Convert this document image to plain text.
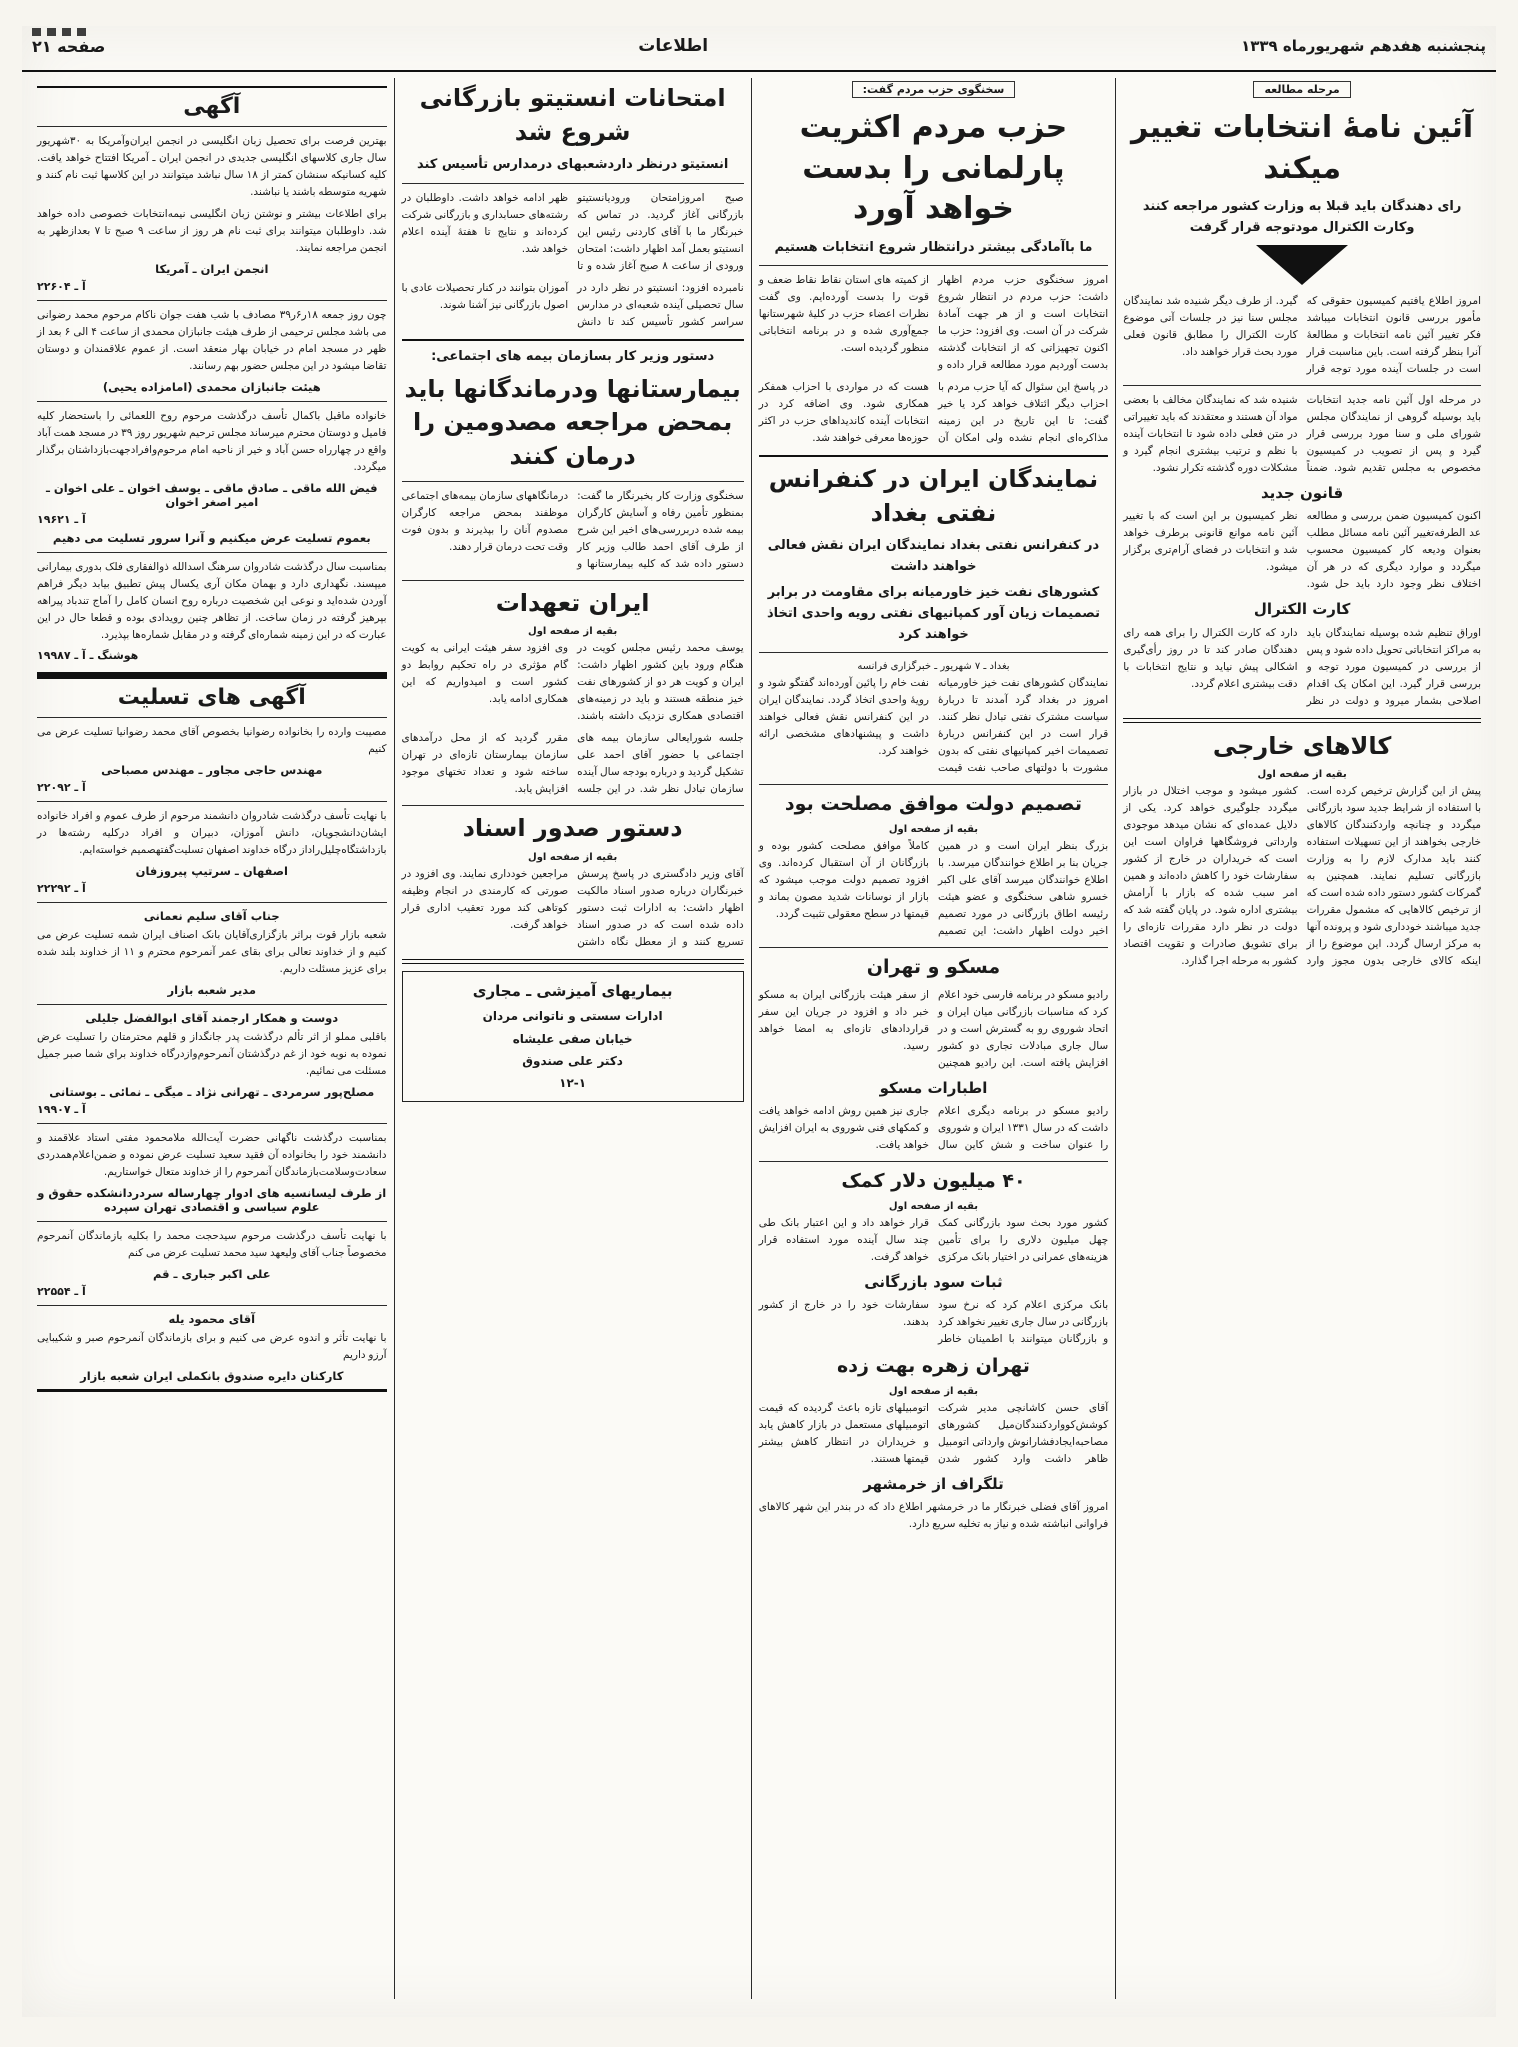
پنجشنبه هفدهم شهریورماه ۱۳۳۹
اطلاعات
صفحه ۲۱
مرحله مطالعه
آئین نامهٔ انتخابات تغییر میکند
رای دهندگان باید قبلا به وزارت کشور مراجعه کنند وکارت الکترال مودتوجه قرار گرفت

امروز اطلاع یافتیم کمیسیون حقوقی که مأمور بررسی قانون انتخابات میباشد فکر تغییر آئین نامه انتخابات و مطالعهٔ آنرا بنظر گرفته است. باین مناسبت قرار است در جلسات آینده مورد توجه قرار گیرد. از طرف دیگر شنیده شد نمایندگان مجلس سنا نیز در جلسات آتی موضوع کارت الکترال را مطابق قانون فعلی مورد بحث قرار خواهند داد.

در مرحله اول آئین نامه جدید انتخابات باید بوسیله گروهی از نمایندگان مجلس شورای ملی و سنا مورد بررسی قرار گیرد و پس از تصویب در کمیسیون مخصوص به مجلس تقدیم شود. ضمناً شنیده شد که نمایندگان مخالف با بعضی مواد آن هستند و معتقدند که باید تغییراتی در متن فعلی داده شود تا انتخابات آینده با نظم و ترتیب بیشتری انجام گیرد و مشکلات دوره گذشته تکرار نشود.

قانون جدید

اکنون کمیسیون ضمن بررسی و مطالعه عد الطرفه‌تغییر آئین نامه مسائل مطلب بعنوان ودیعه کار کمیسیون محسوب میگردد و موارد دیگری که در هر آن اختلاف نظر وجود دارد باید حل شود. نظر کمیسیون بر این است که با تغییر آئین نامه موانع قانونی برطرف خواهد شد و انتخابات در فضای آرام‌تری برگزار میشود.

کارت الکترال

اوراق تنظیم شده بوسیله نمایندگان باید به مراکز انتخاباتی تحویل داده شود و پس از بررسی در کمیسیون مورد توجه و بررسی قرار گیرد. این امکان یک اقدام اصلاحی بشمار میرود و دولت در نظر دارد که کارت الکترال را برای همه رای دهندگان صادر کند تا در روز رأی‌گیری اشکالی پیش نیاید و نتایج انتخابات با دقت بیشتری اعلام گردد.

کالاهای خارجی
بقیه از صفحه اول

پیش از این گزارش ترخیص کرده است. با استفاده از شرایط جدید سود بازرگانی میگردد و چنانچه واردکنندگان کالاهای خارجی بخواهند از این تسهیلات استفاده کنند باید مدارک لازم را به وزارت بازرگانی تسلیم نمایند. همچنین به گمرکات کشور دستور داده شده است که از ترخیص کالاهایی که مشمول مقررات جدید میباشند خودداری شود و پرونده آنها به مرکز ارسال گردد. این موضوع را از اینکه کالای خارجی بدون مجوز وارد کشور میشود و موجب اختلال در بازار میگردد جلوگیری خواهد کرد. یکی از دلایل عمده‌ای که نشان میدهد موجودی وارداتی فروشگاهها فراوان است این است که خریداران در خارج از کشور سفارشات خود را کاهش داده‌اند و همین امر سبب شده که بازار با آرامش بیشتری اداره شود. در پایان گفته شد که دولت در نظر دارد مقررات تازه‌ای را برای تشویق صادرات و تقویت اقتصاد کشور به مرحله اجرا گذارد.

سخنگوی حزب مردم گفت:
حزب مردم اکثریت پارلمانی را بدست خواهد آورد
ما باآمادگی بیشتر درانتظار شروع انتخابات هستیم

امروز سخنگوی حزب مردم اظهار داشت: حزب مردم در انتظار شروع انتخابات است و از هر جهت آمادهٔ شرکت در آن است. وی افزود: حزب ما اکنون تجهیزاتی که از انتخابات گذشته بدست آوردیم مورد مطالعه قرار داده و از کمیته های استان نقاط نقاط ضعف و قوت را بدست آورده‌ایم. وی گفت نظرات اعضاء حزب در کلیهٔ شهرستانها جمع‌آوری شده و در برنامه انتخاباتی منظور گردیده است.

در پاسخ این سئوال که آیا حزب مردم با احزاب دیگر ائتلاف خواهد کرد یا خیر گفت: تا این تاریخ در این زمینه مذاکره‌ای انجام نشده ولی امکان آن هست که در مواردی با احزاب همفکر همکاری شود. وی اضافه کرد در انتخابات آینده کاندیداهای حزب در اکثر حوزه‌ها معرفی خواهند شد.

نمایندگان ایران در کنفرانس نفتی بغداد
در کنفرانس نفتی بغداد نمایندگان ایران نقش فعالی خواهند داشت
کشورهای نفت خیز خاورمیانه برای مقاومت در برابر تصمیمات زیان آور کمپانیهای نفتی رویه واحدی اتخاذ خواهند کرد
بغداد ـ ۷ شهریور ـ خبرگزاری فرانسه

نمایندگان کشورهای نفت خیز خاورمیانه امروز در بغداد گرد آمدند تا دربارهٔ سیاست مشترک نفتی تبادل نظر کنند. قرار است در این کنفرانس دربارهٔ تصمیمات اخیر کمپانیهای نفتی که بدون مشورت با دولتهای صاحب نفت قیمت نفت خام را پائین آورده‌اند گفتگو شود و رویهٔ واحدی اتخاذ گردد. نمایندگان ایران در این کنفرانس نقش فعالی خواهند داشت و پیشنهادهای مشخصی ارائه خواهند کرد.

تصمیم دولت موافق مصلحت بود
بقیه از صفحه اول

بزرگ بنظر ایران است و در همین جریان بنا بر اطلاع خوانندگان میرسد. با اطلاع خوانندگان میرسد آقای علی اکبر خسرو شاهی سخنگوی و عضو هیئت رئیسه اطاق بازرگانی در مورد تصمیم اخیر دولت اظهار داشت: این تصمیم کاملاً موافق مصلحت کشور بوده و بازرگانان از آن استقبال کرده‌اند. وی افزود تصمیم دولت موجب میشود که بازار از نوسانات شدید مصون بماند و قیمتها در سطح معقولی تثبیت گردد.

مسکو و تهران

رادیو مسکو در برنامه فارسی خود اعلام کرد که مناسبات بازرگانی میان ایران و اتحاد شوروی رو به گسترش است و در سال جاری مبادلات تجاری دو کشور افزایش یافته است. این رادیو همچنین از سفر هیئت بازرگانی ایران به مسکو خبر داد و افزود در جریان این سفر قراردادهای تازه‌ای به امضا خواهد رسید.

اطبارات مسکو

رادیو مسکو در برنامه دیگری اعلام داشت که در سال ۱۳۳۱ ایران و شوروی را عنوان ساخت و شش کاین سال جاری نیز همین روش ادامه خواهد یافت و کمکهای فنی شوروی به ایران افزایش خواهد یافت.

۴۰ میلیون دلار کمک
بقیه از صفحه اول

کشور مورد بحث سود بازرگانی کمک چهل میلیون دلاری را برای تأمین هزینه‌های عمرانی در اختیار بانک مرکزی قرار خواهد داد و این اعتبار بانک طی چند سال آینده مورد استفاده قرار خواهد گرفت.

ثبات سود بازرگانی

بانک مرکزی اعلام کرد که نرخ سود بازرگانی در سال جاری تغییر نخواهد کرد و بازرگانان میتوانند با اطمینان خاطر سفارشات خود را در خارج از کشور بدهند.

تهران زهره بهت زده
بقیه از صفحه اول

آقای حسن کاشانچی مدیر شرکت کوشش‌کوواردکنندگان‌میل کشورهای مصاحبه‌ایجاد‌فشارانوش وارداتی اتومبیل ظاهر داشت وارد کشور شدن اتومبیلهای تازه باعث گردیده که قیمت اتومبیلهای مستعمل در بازار کاهش یابد و خریداران در انتظار کاهش بیشتر قیمتها هستند.

تلگراف از خرمشهر

امروز آقای فضلی خبرنگار ما در خرمشهر اطلاع داد که در بندر این شهر کالاهای فراوانی انباشته شده و نیاز به تخلیه سریع دارد.

امتحانات انستیتو بازرگانی شروع شد
انستیتو درنظر داردشعبهای درمدارس تأسیس کند

صبح امروزامتحان ورودیانستیتو بازرگانی آغاز گردید. در تماس که خبرنگار ما با آقای کاردنی رئیس این انستیتو بعمل آمد اظهار داشت: امتحان ورودی از ساعت ۸ صبح آغاز شده و تا ظهر ادامه خواهد داشت. داوطلبان در رشته‌های حسابداری و بازرگانی شرکت کرده‌اند و نتایج تا هفتهٔ آینده اعلام خواهد شد.

نامبرده افزود: انستیتو در نظر دارد در سال تحصیلی آینده شعبه‌ای در مدارس سراسر کشور تأسیس کند تا دانش آموزان بتوانند در کنار تحصیلات عادی با اصول بازرگانی نیز آشنا شوند.

دستور وزیر کار بسازمان بیمه های اجتماعی:
بیمارستانها ودرماندگانها باید بمحض مراجعه مصدومین را درمان کنند

سخنگوی وزارت کار بخبرنگار ما گفت: بمنظور تأمین رفاه و آسایش کارگران بیمه شده دربررسی‌های اخیر این شرح از طرف آقای احمد طالب وزیر کار دستور داده شد که کلیه بیمارستانها و درمانگاههای سازمان بیمه‌های اجتماعی موظفند بمحض مراجعه کارگران مصدوم آنان را بپذیرند و بدون فوت وقت تحت درمان قرار دهند.

ایران تعهدات
بقیه از صفحه اول

یوسف محمد رئیس مجلس کویت در هنگام ورود باین کشور اظهار داشت: ایران و کویت هر دو از کشورهای نفت خیز منطقه هستند و باید در زمینه‌های اقتصادی همکاری نزدیک داشته باشند. وی افزود سفر هیئت ایرانی به کویت گام مؤثری در راه تحکیم روابط دو کشور است و امیدواریم که این همکاری ادامه یابد.

جلسه شورایعالی سازمان بیمه های اجتماعی با حضور آقای احمد علی تشکیل گردید و درباره بودجه سال آینده سازمان تبادل نظر شد. در این جلسه مقرر گردید که از محل درآمدهای سازمان بیمارستان تازه‌ای در تهران ساخته شود و تعداد تختهای موجود افزایش یابد.

دستور صدور اسناد
بقیه از صفحه اول

آقای وزیر دادگستری در پاسخ پرسش خبرنگاران درباره صدور اسناد مالکیت اظهار داشت: به ادارات ثبت دستور داده شده است که در صدور اسناد تسریع کنند و از معطل نگاه داشتن مراجعین خودداری نمایند. وی افزود در صورتی که کارمندی در انجام وظیفه کوتاهی کند مورد تعقیب اداری قرار خواهد گرفت.

بیماریهای آمیزشی ـ مجاری
ادارات سستی و ناتوانی مردان
خیابان صفی علیشاه
دکتر علی صندوق
۱۲-۱
آگهی

بهترین فرصت برای تحصیل زبان انگلیسی در انجمن ایران‌وآمریکا به ۳۰شهریور سال جاری کلاسهای انگلیسی جدیدی در انجمن ایران ـ آمریکا افتتاح خواهد یافت. کلیه کسانیکه سنشان کمتر از ۱۸ سال نباشد میتوانند در این کلاسها ثبت نام کنند و شهریه متوسطه باشند یا نباشند.

برای اطلاعات بیشتر و نوشتن زبان انگلیسی نیمه‌انتخابات خصوصی داده خواهد شد. داوطلبان میتوانند برای ثبت نام هر روز از ساعت ۹ صبح تا ۷ بعدازظهر به انجمن مراجعه نمایند.

انجمن ایران ـ آمریکا
آ ـ ۲۲۶۰۴

چون روز جمعه ۱۸ر۶ر۳۹ مصادف با شب هفت جوان ناکام مرحوم محمد رضوانی می باشد مجلس ترحیمی از طرف هیئت جانبازان محمدی از ساعت ۴ الی ۶ بعد از ظهر در مسجد امام در خیابان بهار منعقد است. از عموم علاقمندان و دوستان تقاضا میشود در این مجلس حضور بهم رسانند.

هیئت جانبازان محمدی (امامزاده یحیی)

خانواده ماقبل باکمال تأسف درگذشت مرحوم روح اللعمائی را باستحضار کلیه فامیل و دوستان محترم میرساند مجلس ترحیم شهریور روز ۳۹ در مسجد همت آباد واقع در چهارراه حسن آباد و خیر از ناحیه امام مرحوم‌وافرادجهت‌بازداشتان برگذار میگردد.

فیض الله ماقی ـ صادق ماقی ـ یوسف اخوان ـ علی اخوان ـ امیر اصغر اخوان
آ ـ ۱۹۶۲۱
بعموم تسلیت عرض میکنیم و آنرا سرور تسلیت می دهیم

بمناسبت سال درگذشت شادروان سرهنگ اسدالله ذوالفقاری فلک بدوری بیمارانی میپسند. نگهداری دارد و بهمان مکان آری یکسال پیش تطبیق بیابد دیگر فراهم آوردن شده‌اید و نوعی این شخصیت درباره روح انسان کامل را آماج تندباد پیراهه بپرهیز گرفته در زمان ساخت. از تظاهر چنین رویدادی بوده و قطعا حال در این عبارت که در این زمینه شماره‌ای گرفته و در مقابل شماره‌ها بپذیرد.

هوشنگ ـ آ ـ ۱۹۹۸۷
آگهی های تسلیت

مصیبت وارده را بخانواده رضوانیا بخصوص آقای محمد رضوانیا تسلیت عرض می کنیم

مهندس حاجی مجاور ـ مهندس مصباحی
آ ـ ۲۲۰۹۲

با نهایت تأسف درگذشت شادروان دانشمند مرحوم از طرف عموم و افراد خانواده ایشان‌دانشجویان، دانش آموزان، دبیران و افراد درکلیه رشته‌ها در بازداشتگاه‌چلیل‌راداز درگاه خداوند اصفهان تسلیت‌گفتهصمیم خواسته‌ایم.

اصفهان ـ سرتیپ پیروزفان
آ ـ ۲۲۲۹۲
جناب آقای سلیم نعمانی

شعبه بازار قوت براثر بازگزاری‌آقایان بانک اصناف ایران شمه تسلیت عرض می کنیم و از خداوند تعالی برای بقای عمر آنمرحوم محترم و ۱۱ از خداوند بلند شده برای عزیز مسئلت داریم.

مدیر شعبه بازار
دوست و همکار ارجمند آقای ابوالفضل جلیلی

باقلبی مملو از اثر تألم درگذشت پدر جانگداز و قلهم محترمتان را تسلیت عرض نموده به نوبه خود از غم درگذشتان آنمرحوم‌وازدرگاه خداوند برای شما صبر جمیل مسئلت می نمائیم.

مصلح‌پور سرمردی ـ تهرانی نژاد ـ میگی ـ نمائی ـ بوستانی
آ ـ ۱۹۹۰۷

بمناسبت درگذشت ناگهانی حضرت آیت‌الله ملامحمود مفتی استاد علاقمند و دانشمند خود را بخانواده آن فقید سعید تسلیت عرض نموده و ضمن‌اعلام‌همدردی سعادت‌وسلامت‌بازماندگان آنمرحوم را از خداوند متعال خواستاریم.

از طرف لیسانسیه های ادوار چهارساله سردردانشکده حقوق و علوم سیاسی و اقتصادی تهران سپرده

با نهایت تأسف درگذشت مرحوم سیدحجت محمد را بکلیه بازماندگان آنمرحوم مخصوصاً جناب آقای ولیعهد سید محمد تسلیت عرض می کنم

علی اکبر جباری ـ قم
آ ـ ۲۲۵۵۴
آقای محمود یله

با نهایت تأثر و اندوه عرض می کنیم و برای بازماندگان آنمرحوم صبر و شکیبایی آرزو داریم

کارکنان دایره صندوق بانکملی ایران شعبه بازار
